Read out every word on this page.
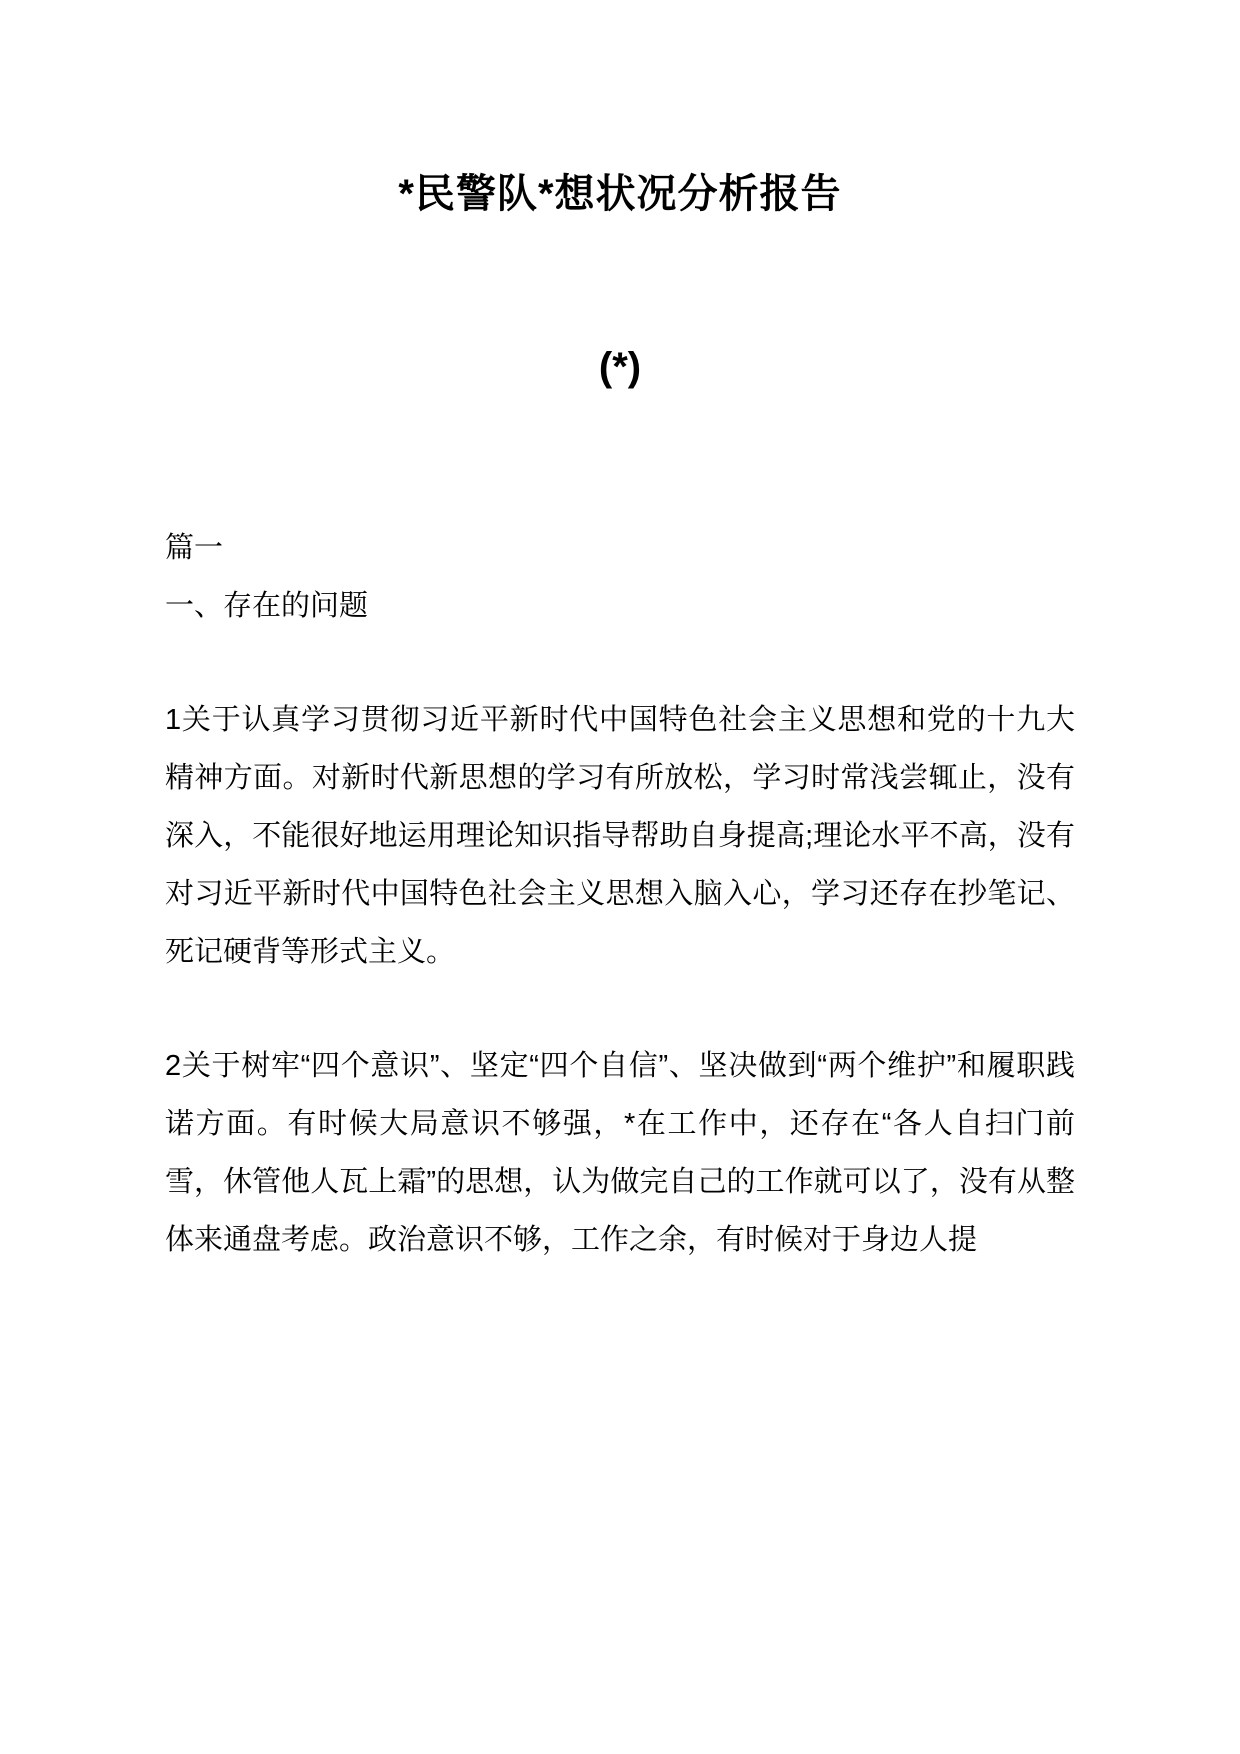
*民警队*想状况分析报告
(*)

篇一

一、存在的问题

1关于认真学习贯彻习近平新时代中国特色社会主义思想和党的十九大精神方面。对新时代新思想的学习有所放松，学习时常浅尝辄止，没有深入，不能很好地运用理论知识指导帮助自身提高;理论水平不高，没有对习近平新时代中国特色社会主义思想入脑入心，学习还存在抄笔记、死记硬背等形式主义。

2关于树牢“四个意识”、坚定“四个自信”、坚决做到“两个维护”和履职践诺方面。有时候大局意识不够强，*在工作中，还存在“各人自扫门前雪，休管他人瓦上霜”的思想，认为做完自己的工作就可以了，没有从整体来通盘考虑。政治意识不够，工作之余，有时候对于身边人提
